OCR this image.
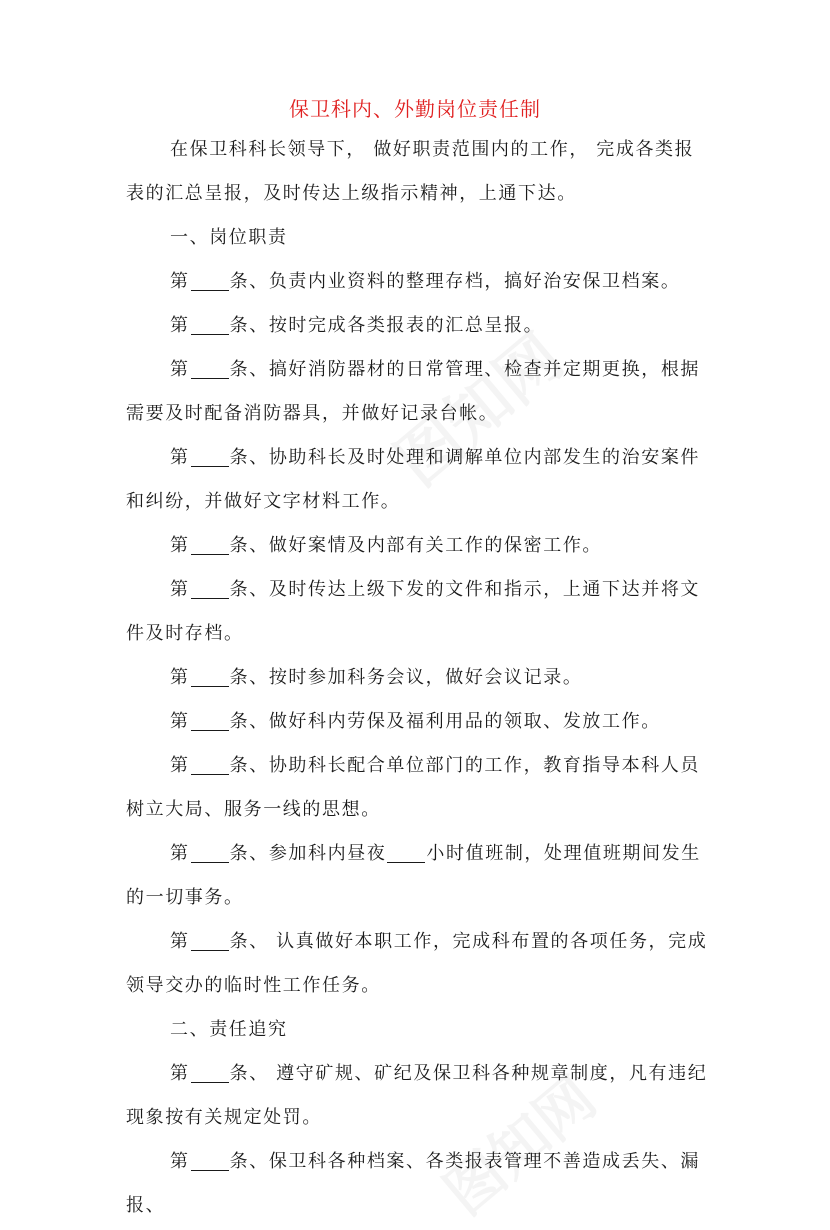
保卫科内、外勤岗位责任制

在保卫科科长领导下， 做好职责范围内的工作， 完成各类报表的汇总呈报，及时传达上级指示精神，上通下达。

一、岗位职责

第 条、负责内业资料的整理存档，搞好治安保卫档案。

第 条、按时完成各类报表的汇总呈报。

第 条、搞好消防器材的日常管理、检查并定期更换，根据需要及时配备消防器具，并做好记录台帐。

第 条、协助科长及时处理和调解单位内部发生的治安案件和纠纷，并做好文字材料工作。

第 条、做好案情及内部有关工作的保密工作。

第 条、及时传达上级下发的文件和指示，上通下达并将文件及时存档。

第 条、按时参加科务会议，做好会议记录。

第 条、做好科内劳保及福利用品的领取、发放工作。

第 条、协助科长配合单位部门的工作，教育指导本科人员树立大局、服务一线的思想。

第 条、参加科内昼夜 小时值班制，处理值班期间发生的一切事务。

第 条、 认真做好本职工作，完成科布置的各项任务，完成领导交办的临时性工作任务。

二、责任追究

第 条、 遵守矿规、矿纪及保卫科各种规章制度，凡有违纪现象按有关规定处罚。

第 条、保卫科各种档案、各类报表管理不善造成丢失、漏报、
